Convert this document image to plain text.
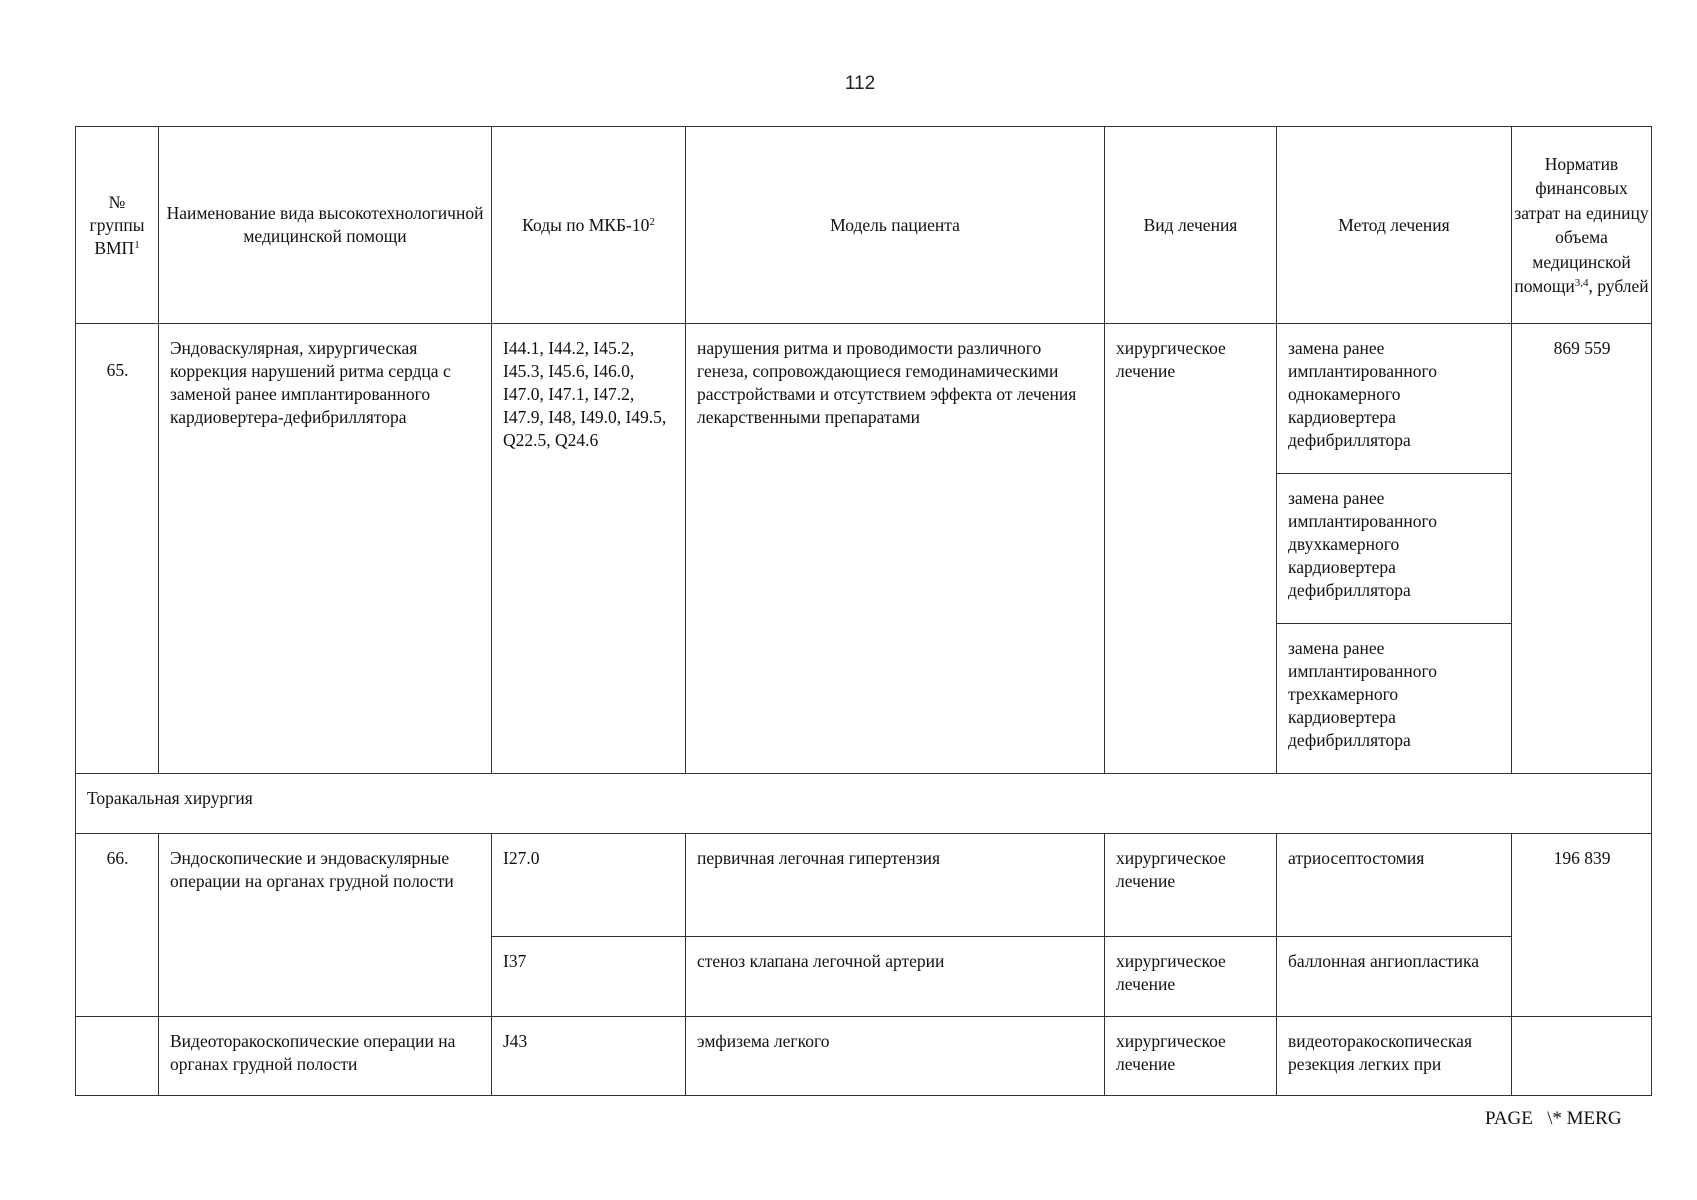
112
№ группы ВМП$^1$	Наименование вида высокотехнологичной медицинской помощи	Коды по МКБ-$10^2$	Модель пациента	Вид лечения	Метод лечения	Норматив финансовых затрат на единицу объема медицинской помощи$^{3,4}$, рублей
65.	Эндоваскулярная, хирургическая коррекция нарушений ритма сердца с заменой ранее имплантированного кардиовертера-дефибриллятора	I44.1, I44.2, I45.2, I45.3, I45.6, I46.0, I47.0, I47.1, I47.2, I47.9, I48, I49.0, I49.5, Q22.5, Q24.6	нарушения ритма и проводимости различного генеза, сопровождающиеся гемодинамическими расстройствами и отсутствием эффекта от лечения лекарственными препаратами	хирургическое лечение	замена ранее имплантированного однокамерного кардиовертера дефибриллятора	869 559
					замена ранее имплантированного двухкамерного кардиовертера дефибриллятора	
					замена ранее имплантированного трехкамерного кардиовертера дефибриллятора	
Торакальная хирургия						
66.	Эндоскопические и эндоваскулярные операции на органах грудной полости	I27.0	первичная легочная гипертензия	хирургическое лечение	атриосептостомия	196 839
		I37	стеноз клапана легочной артерии	хирургическое лечение	баллонная ангиопластика	
	Видеоторакоскопические операции на органах грудной полости	J43	эмфизема легкого	хирургическое лечение	видеоторакоскопическая резекция легких при	
PAGE   \* MERG
